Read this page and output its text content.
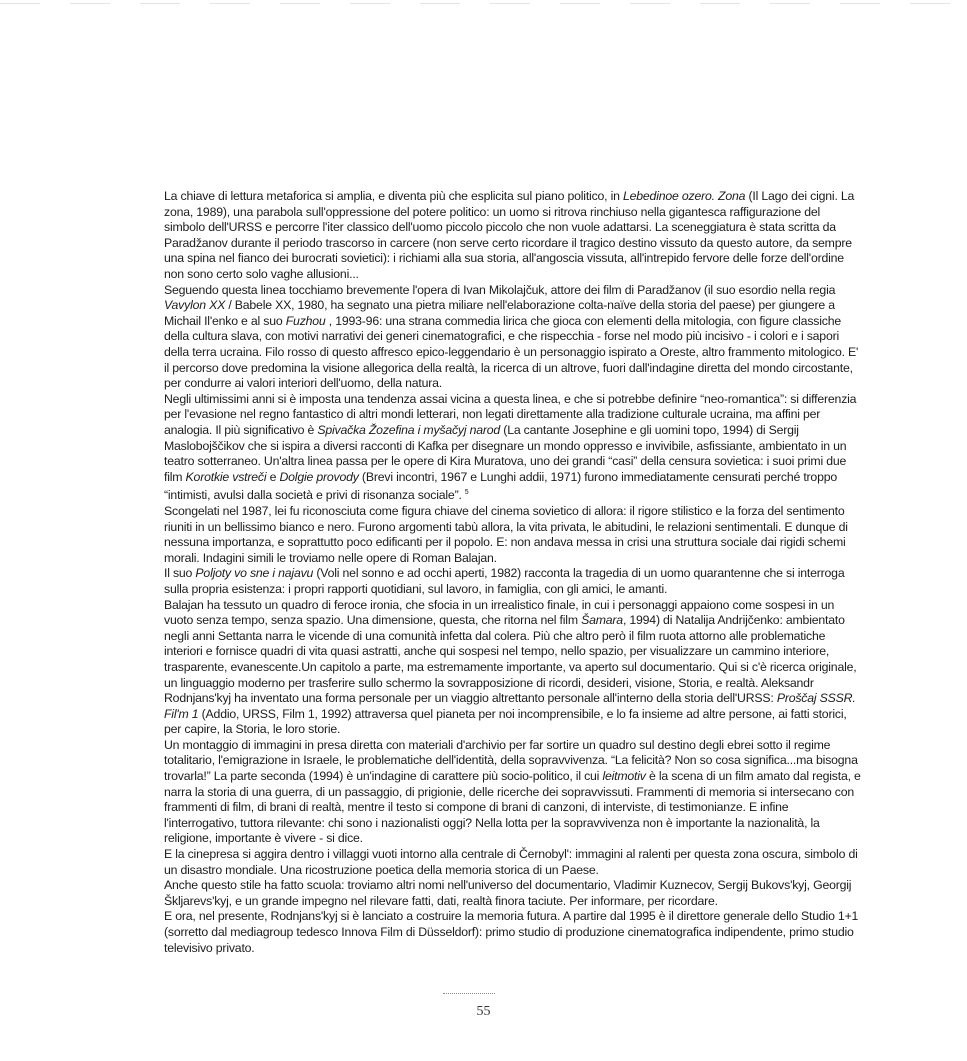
La chiave di lettura metaforica si amplia, e diventa più che esplicita sul piano politico, in Lebedinoe ozero. Zona (Il Lago dei cigni. La zona, 1989), una parabola sull'oppressione del potere politico: un uomo si ritrova rinchiuso nella gigantesca raffigurazione del simbolo dell'URSS e percorre l'iter classico dell'uomo piccolo piccolo che non vuole adattarsi. La sceneggiatura è stata scritta da Paradžanov durante il periodo trascorso in carcere (non serve certo ricordare il tragico destino vissuto da questo autore, da sempre una spina nel fianco dei burocrati sovietici): i richiami alla sua storia, all'angoscia vissuta, all'intrepido fervore delle forze dell'ordine non sono certo solo vaghe allusioni...

Seguendo questa linea tocchiamo brevemente l'opera di Ivan Mikolajčuk, attore dei film di Paradžanov (il suo esordio nella regia Vavylon XX / Babele XX, 1980, ha segnato una pietra miliare nell'elaborazione colta-naïve della storia del paese) per giungere a Michail Il'enko e al suo Fuzhou , 1993-96: una strana commedia lirica che gioca con elementi della mitologia, con figure classiche della cultura slava, con motivi narrativi dei generi cinematografici, e che rispecchia - forse nel modo più incisivo - i colori e i sapori della terra ucraina. Filo rosso di questo affresco epico-leggendario è un personaggio ispirato a Oreste, altro frammento mitologico. E' il percorso dove predomina la visione allegorica della realtà, la ricerca di un altrove, fuori dall'indagine diretta del mondo circostante, per condurre ai valori interiori dell'uomo, della natura.

Negli ultimissimi anni si è imposta una tendenza assai vicina a questa linea, e che si potrebbe definire “neo-romantica”: si differenzia per l'evasione nel regno fantastico di altri mondi letterari, non legati direttamente alla tradizione culturale ucraina, ma affini per analogia. Il più significativo è Spivačka Žozefina i myšačyj narod (La cantante Josephine e gli uomini topo, 1994) di Sergij Maslobojščikov che si ispira a diversi racconti di Kafka per disegnare un mondo oppresso e invivibile, asfissiante, ambientato in un teatro sotterraneo. Un'altra linea passa per le opere di Kira Muratova, uno dei grandi “casi” della censura sovietica: i suoi primi due film Korotkie vstreči e Dolgie provody (Brevi incontri, 1967 e Lunghi addii, 1971) furono immediatamente censurati perché troppo “intimisti, avulsi dalla società e privi di risonanza sociale”. $^5$

Scongelati nel 1987, lei fu riconosciuta come figura chiave del cinema sovietico di allora: il rigore stilistico e la forza del sentimento riuniti in un bellissimo bianco e nero. Furono argomenti tabù allora, la vita privata, le abitudini, le relazioni sentimentali. E dunque di nessuna importanza, e soprattutto poco edificanti per il popolo. E: non andava messa in crisi una struttura sociale dai rigidi schemi morali. Indagini simili le troviamo nelle opere di Roman Balajan.

Il suo Poljoty vo sne i najavu (Voli nel sonno e ad occhi aperti, 1982) racconta la tragedia di un uomo quarantenne che si interroga sulla propria esistenza: i propri rapporti quotidiani, sul lavoro, in famiglia, con gli amici, le amanti.

Balajan ha tessuto un quadro di feroce ironia, che sfocia in un irrealistico finale, in cui i personaggi appaiono come sospesi in un vuoto senza tempo, senza spazio. Una dimensione, questa, che ritorna nel film Šamara, 1994) di Natalija Andrijčenko: ambientato negli anni Settanta narra le vicende di una comunità infetta dal colera. Più che altro però il film ruota attorno alle problematiche interiori e fornisce quadri di vita quasi astratti, anche qui sospesi nel tempo, nello spazio, per visualizzare un cammino interiore, trasparente, evanescente.Un capitolo a parte, ma estremamente importante, va aperto sul documentario. Qui si c'è ricerca originale, un linguaggio moderno per trasferire sullo schermo la sovrapposizione di ricordi, desideri, visione, Storia, e realtà. Aleksandr Rodnjans'kyj ha inventato una forma personale per un viaggio altrettanto personale all'interno della storia dell'URSS: Proščaj SSSR. Fil'm 1 (Addio, URSS, Film 1, 1992) attraversa quel pianeta per noi incomprensibile, e lo fa insieme ad altre persone, ai fatti storici, per capire, la Storia, le loro storie.

Un montaggio di immagini in presa diretta con materiali d'archivio per far sortire un quadro sul destino degli ebrei sotto il regime totalitario, l'emigrazione in Israele, le problematiche dell'identità, della sopravvivenza. “La felicità? Non so cosa significa...ma bisogna trovarla!” La parte seconda (1994) è un'indagine di carattere più socio-politico, il cui leitmotiv è la scena di un film amato dal regista, e narra la storia di una guerra, di un passaggio, di prigionie, delle ricerche dei sopravvissuti. Frammenti di memoria si intersecano con frammenti di film, di brani di realtà, mentre il testo si compone di brani di canzoni, di interviste, di testimonianze. E infine l'interrogativo, tuttora rilevante: chi sono i nazionalisti oggi? Nella lotta per la sopravvivenza non è importante la nazionalità, la religione, importante è vivere - si dice.

E la cinepresa si aggira dentro i villaggi vuoti intorno alla centrale di Černobyl': immagini al ralenti per questa zona oscura, simbolo di un disastro mondiale. Una ricostruzione poetica della memoria storica di un Paese.

Anche questo stile ha fatto scuola: troviamo altri nomi nell'universo del documentario, Vladimir Kuznecov, Sergij Bukovs'kyj, Georgij Škljarevs'kyj, e un grande impegno nel rilevare fatti, dati, realtà finora taciute. Per informare, per ricordare.

E ora, nel presente, Rodnjans'kyj si è lanciato a costruire la memoria futura. A partire dal 1995 è il direttore generale dello Studio 1+1 (sorretto dal mediagroup tedesco Innova Film di Düsseldorf): primo studio di produzione cinematografica indipendente, primo studio televisivo privato.

55
